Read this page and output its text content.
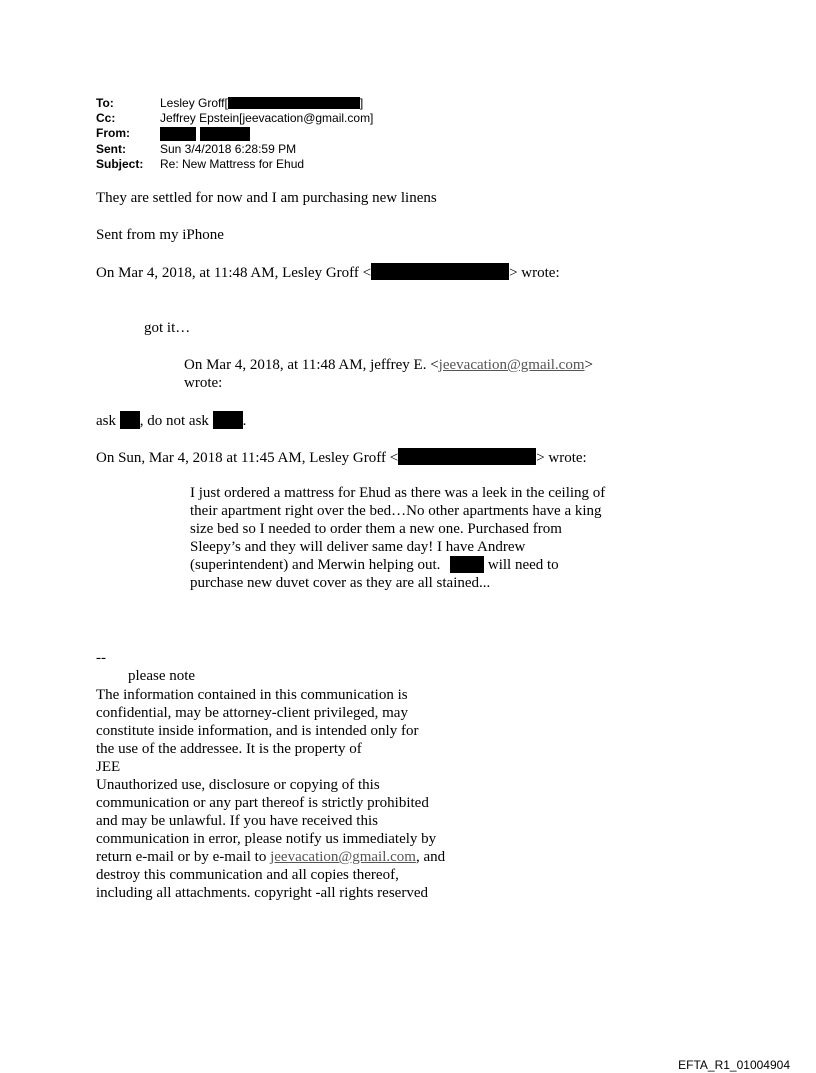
To:	Lesley Groff[	]
Cc:	Jeffrey Epstein[jeevacation@gmail.com]
From:
Sent:	Sun 3/4/2018 6:28:59 PM
Subject: Re: New Mattress for Ehud
They are settled for now and I am purchasing new linens
Sent from my iPhone
On Mar 4, 2018, at 11:48 AM, Lesley Groff <	> wrote:
got it…
On Mar 4, 2018, at 11:48 AM, jeffrey E. <jeevacation@gmail.com>
wrote:
ask , do not ask .
On Sun, Mar 4, 2018 at 11:45 AM, Lesley Groff <	> wrote:
I just ordered a mattress for Ehud as there was a leek in the ceiling of
their apartment right over the bed…No other apartments have a king
size bed so I needed to order them a new one. Purchased from
Sleepy’s and they will deliver same day! I have Andrew
(superintendent) and Merwin helping out.	will need to
purchase new duvet cover as they are all stained...
--
please note
The information contained in this communication is
confidential, may be attorney-client privileged, may
constitute inside information, and is intended only for
the use of the addressee. It is the property of
JEE
Unauthorized use, disclosure or copying of this
communication or any part thereof is strictly prohibited
and may be unlawful. If you have received this
communication in error, please notify us immediately by
return e-mail or by e-mail to jeevacation@gmail.com, and
destroy this communication and all copies thereof,
including all attachments. copyright -all rights reserved
EFTA_R1_01004904
